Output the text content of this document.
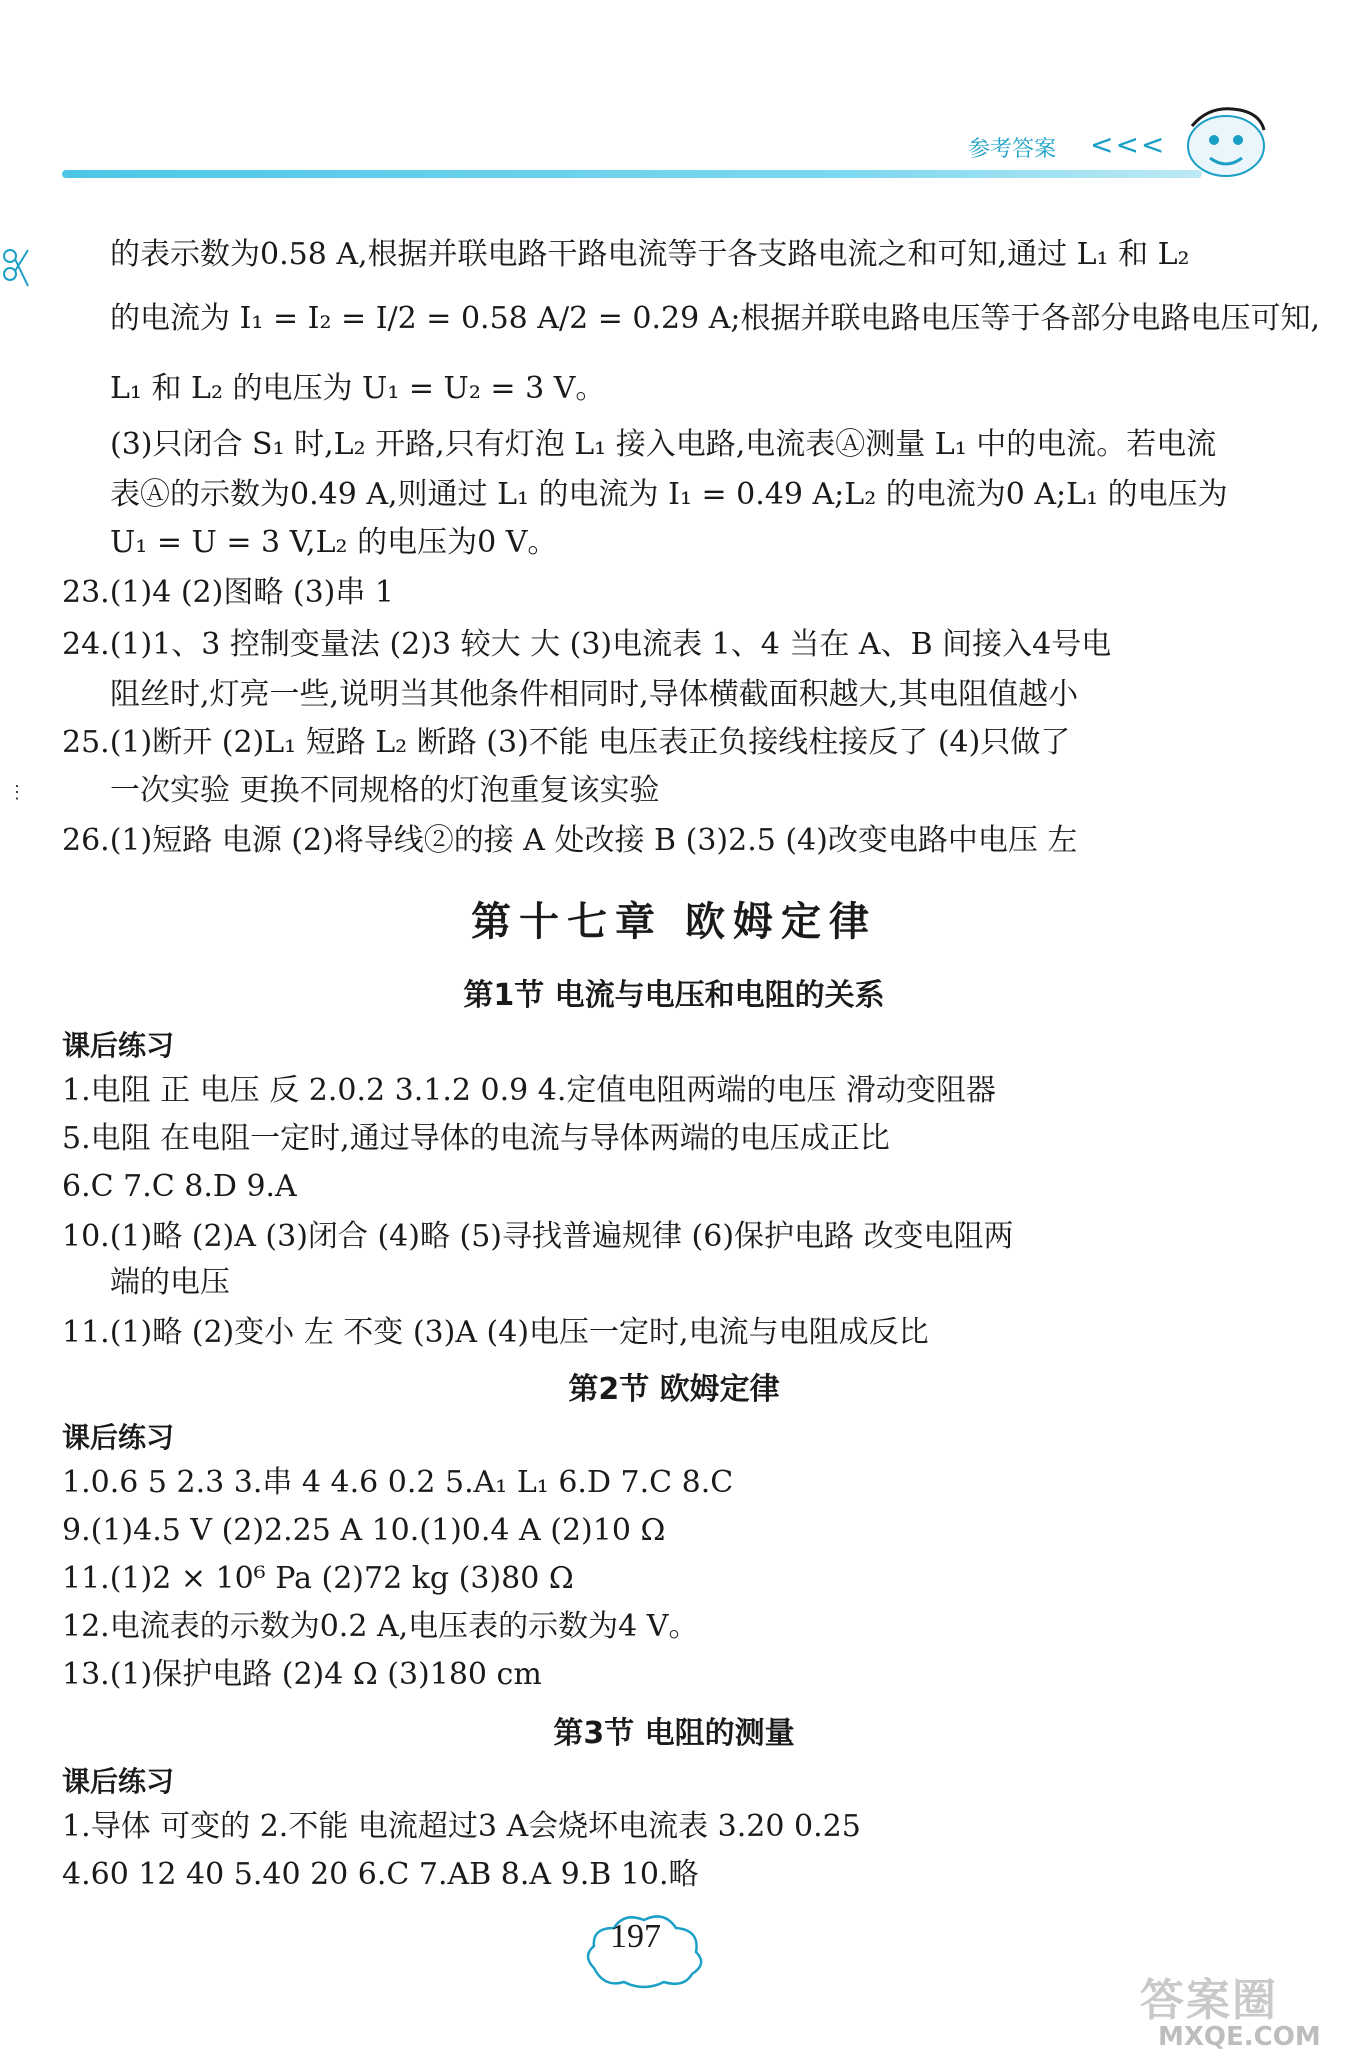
参考答案 <<<
⋮
的表示数为0.58 A,根据并联电路干路电流等于各支路电流之和可知,通过 L₁ 和 L₂
的电流为 I₁ = I₂ = I/2 = 0.58 A/2 = 0.29 A;根据并联电路电压等于各部分电路电压可知,
L₁ 和 L₂ 的电压为 U₁ = U₂ = 3 V。
(3)只闭合 S₁ 时,L₂ 开路,只有灯泡 L₁ 接入电路,电流表Ⓐ测量 L₁ 中的电流。若电流
表Ⓐ的示数为0.49 A,则通过 L₁ 的电流为 I₁ = 0.49 A;L₂ 的电流为0 A;L₁ 的电压为
U₁ = U = 3 V,L₂ 的电压为0 V。
23.(1)4 (2)图略 (3)串 1
24.(1)1、3 控制变量法 (2)3 较大 大 (3)电流表 1、4 当在 A、B 间接入4号电
阻丝时,灯亮一些,说明当其他条件相同时,导体横截面积越大,其电阻值越小
25.(1)断开 (2)L₁ 短路 L₂ 断路 (3)不能 电压表正负接线柱接反了 (4)只做了
一次实验 更换不同规格的灯泡重复该实验
26.(1)短路 电源 (2)将导线②的接 A 处改接 B (3)2.5 (4)改变电路中电压 左
第十七章 欧姆定律
第1节 电流与电压和电阻的关系
课后练习
1.电阻 正 电压 反 2.0.2 3.1.2 0.9 4.定值电阻两端的电压 滑动变阻器
5.电阻 在电阻一定时,通过导体的电流与导体两端的电压成正比
6.C 7.C 8.D 9.A
10.(1)略 (2)A (3)闭合 (4)略 (5)寻找普遍规律 (6)保护电路 改变电阻两
端的电压
11.(1)略 (2)变小 左 不变 (3)A (4)电压一定时,电流与电阻成反比
第2节 欧姆定律
课后练习
1.0.6 5 2.3 3.串 4 4.6 0.2 5.A₁ L₁ 6.D 7.C 8.C
9.(1)4.5 V (2)2.25 A 10.(1)0.4 A (2)10 Ω
11.(1)2 × 10⁶ Pa (2)72 kg (3)80 Ω
12.电流表的示数为0.2 A,电压表的示数为4 V。
13.(1)保护电路 (2)4 Ω (3)180 cm
第3节 电阻的测量
课后练习
1.导体 可变的 2.不能 电流超过3 A会烧坏电流表 3.20 0.25
4.60 12 40 5.40 20 6.C 7.AB 8.A 9.B 10.略
197
答案圈
MXQE.COM
